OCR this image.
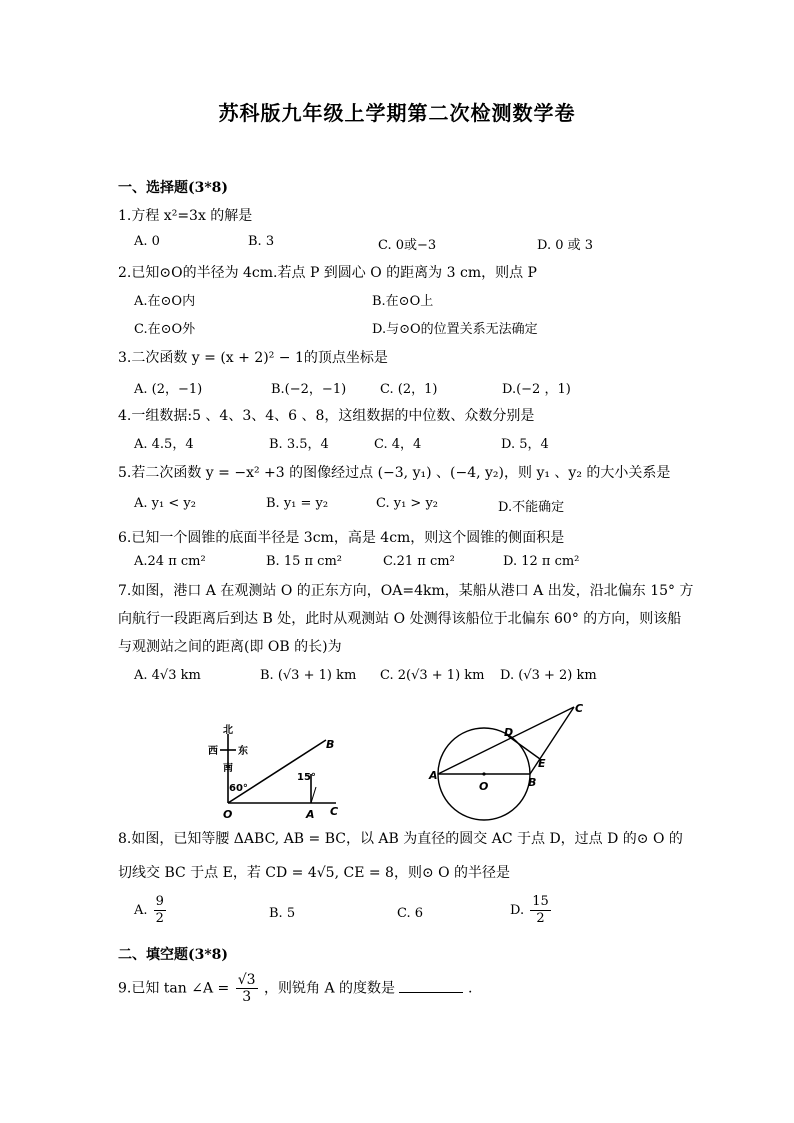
苏科版九年级上学期第二次检测数学卷
一、选择题(3*8)
1.方程 x²=3x 的解是
A. 0	B. 3	C. 0或−3	D. 0 或 3
2.已知⊙O的半径为 4cm.若点 P 到圆心 O 的距离为 3 cm，则点 P
A.在⊙O内	B.在⊙O上
C.在⊙O外	D.与⊙O的位置关系无法确定
3.二次函数 y = (x + 2)² − 1的顶点坐标是
A. (2，−1)	B.(−2，−1)	C. (2，1)	D.(−2 ，1)
4.一组数据:5 、4、3、4、6 、8，这组数据的中位数、众数分别是
A. 4.5，4	B. 3.5，4	C. 4，4	D. 5，4
5.若二次函数 y = −x² +3 的图像经过点 (−3, y₁) 、(−4, y₂)，则 y₁ 、y₂ 的大小关系是
A. y₁ < y₂	B. y₁ = y₂	C. y₁ > y₂	D.不能确定
6.已知一个圆锥的底面半径是 3cm，高是 4cm，则这个圆锥的侧面积是
A.24 π cm²	B. 15 π cm²	C.21 π cm²	D. 12 π cm²
7.如图，港口 A 在观测站 O 的正东方向，OA=4km，某船从港口 A 出发，沿北偏东 15° 方
向航行一段距离后到达 B 处，此时从观测站 O 处测得该船位于北偏东 60° 的方向，则该船
与观测站之间的距离(即 OB 的长)为
A. 4√3 km	B. (√3 + 1) km C. 2(√3 + 1) km D. (√3 + 2) km
北
西 东
南
60°
15°
O	A
B
C
A
B
C
D
E
O
8.如图，已知等腰 ΔABC, AB = BC，以 AB 为直径的圆交 AC 于点 D，过点 D 的⊙ O 的
切线交 BC 于点 E，若 CD = 4√5, CE = 8，则⊙ O 的半径是
A. $\frac{9}{2}$	B. 5	C. 6	D. $\frac{15}{2}$
二、填空题(3*8)
9.已知 tan ∠A = $\frac{√3}{3}$ ，则锐角 A 的度数是	.
